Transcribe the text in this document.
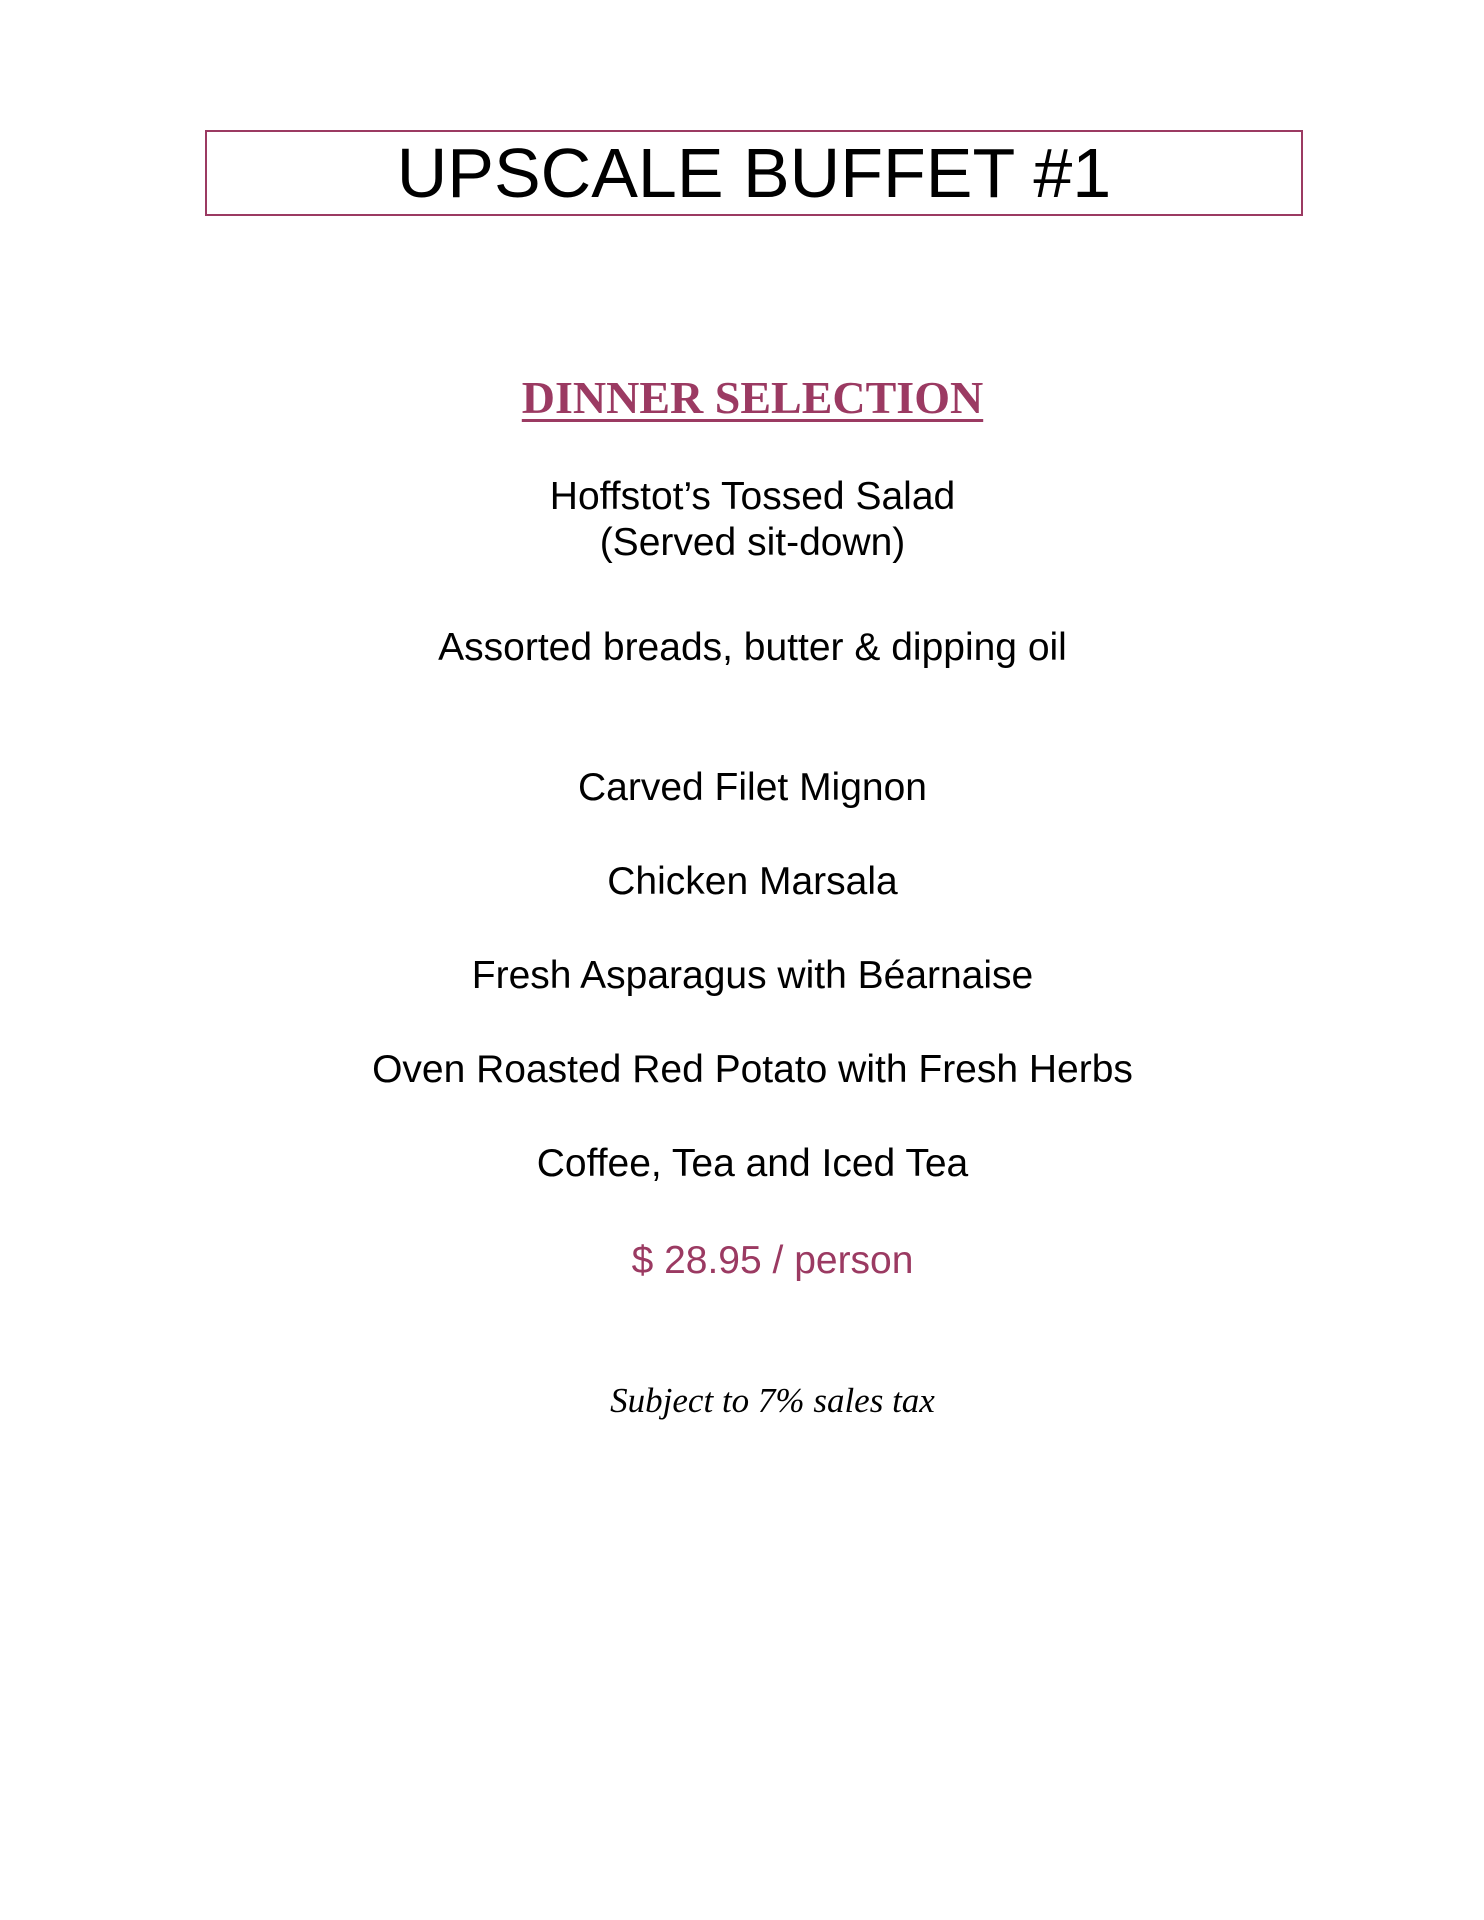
UPSCALE BUFFET #1
DINNER SELECTION
Hoffstot’s Tossed Salad
(Served sit-down)
Assorted breads, butter & dipping oil
Carved Filet Mignon
Chicken Marsala
Fresh Asparagus with Béarnaise
Oven Roasted Red Potato with Fresh Herbs
Coffee, Tea and Iced Tea
$ 28.95 / person
Subject to 7% sales tax
